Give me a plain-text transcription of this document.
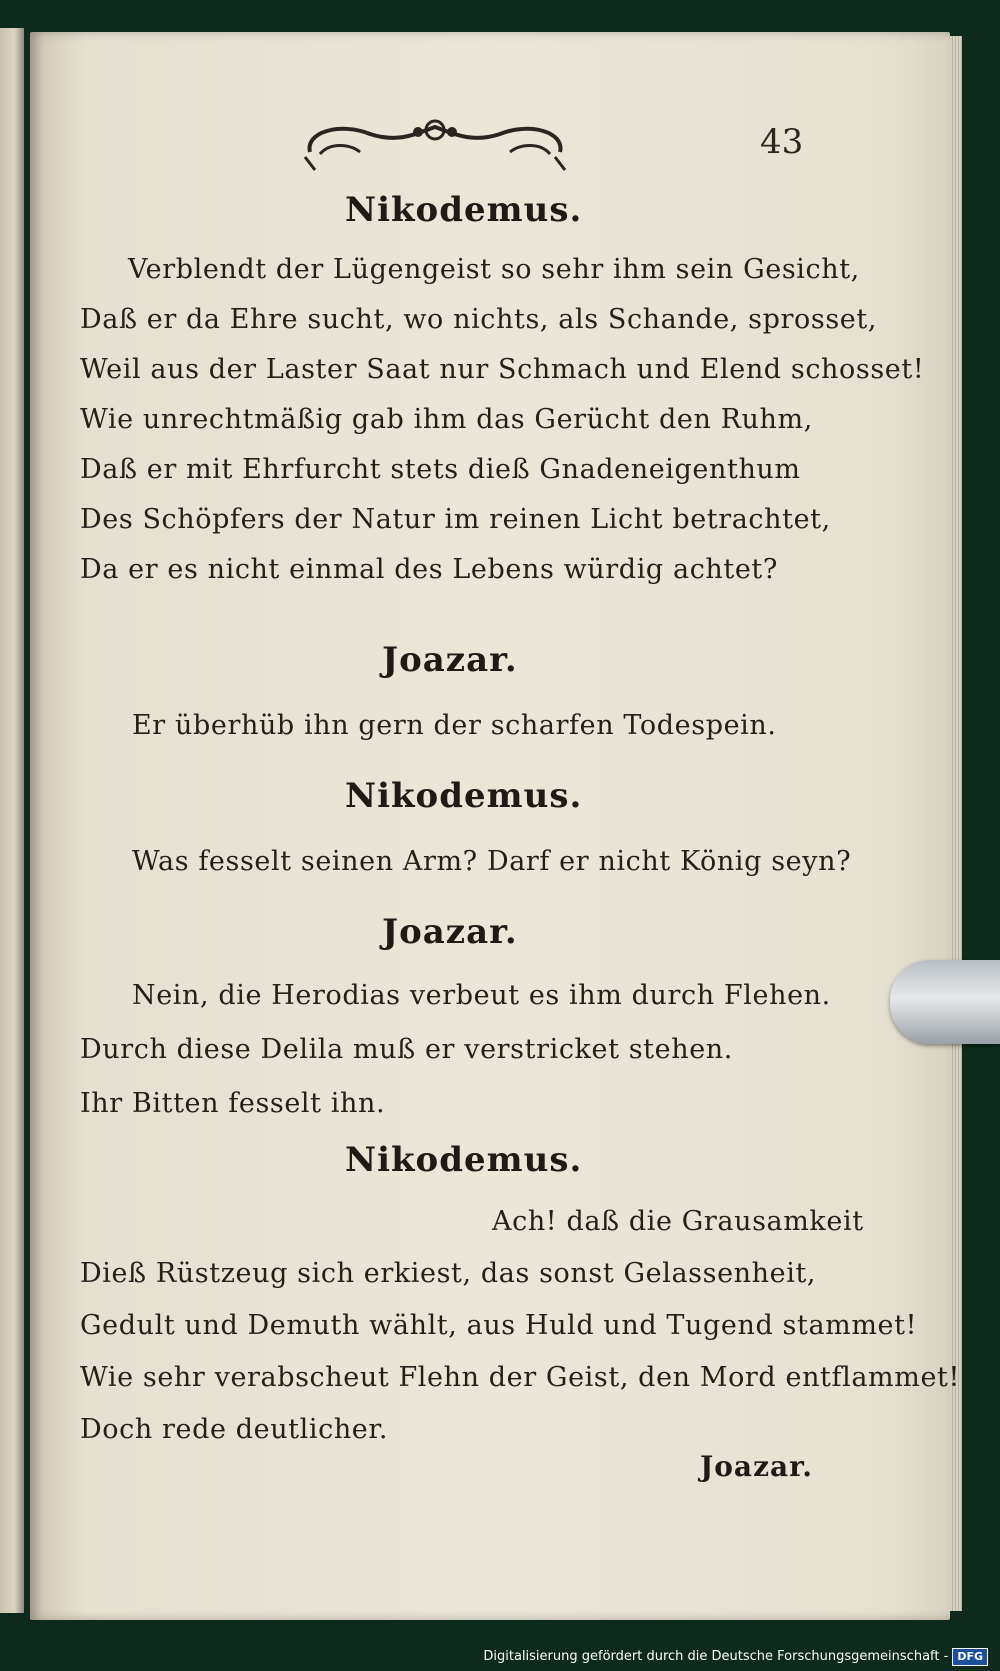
43
Nikodemus.
Verblendt der Lügengeist so sehr ihm sein Gesicht,
Daß er da Ehre sucht, wo nichts, als Schande, sprosset,
Weil aus der Laster Saat nur Schmach und Elend schosset!
Wie unrechtmäßig gab ihm das Gerücht den Ruhm,
Daß er mit Ehrfurcht stets dieß Gnadeneigenthum
Des Schöpfers der Natur im reinen Licht betrachtet,
Da er es nicht einmal des Lebens würdig achtet?
Joazar.
Er überhüb ihn gern der scharfen Todespein.
Nikodemus.
Was fesselt seinen Arm? Darf er nicht König seyn?
Joazar.
Nein, die Herodias verbeut es ihm durch Flehen.
Durch diese Delila muß er verstricket stehen.
Ihr Bitten fesselt ihn.
Nikodemus.
Ach! daß die Grausamkeit
Dieß Rüstzeug sich erkiest, das sonst Gelassenheit,
Gedult und Demuth wählt, aus Huld und Tugend stammet!
Wie sehr verabscheut Flehn der Geist, den Mord entflammet!
Doch rede deutlicher.
Joazar.
Digitalisierung gefördert durch die Deutsche Forschungsgemeinschaft - DFG
